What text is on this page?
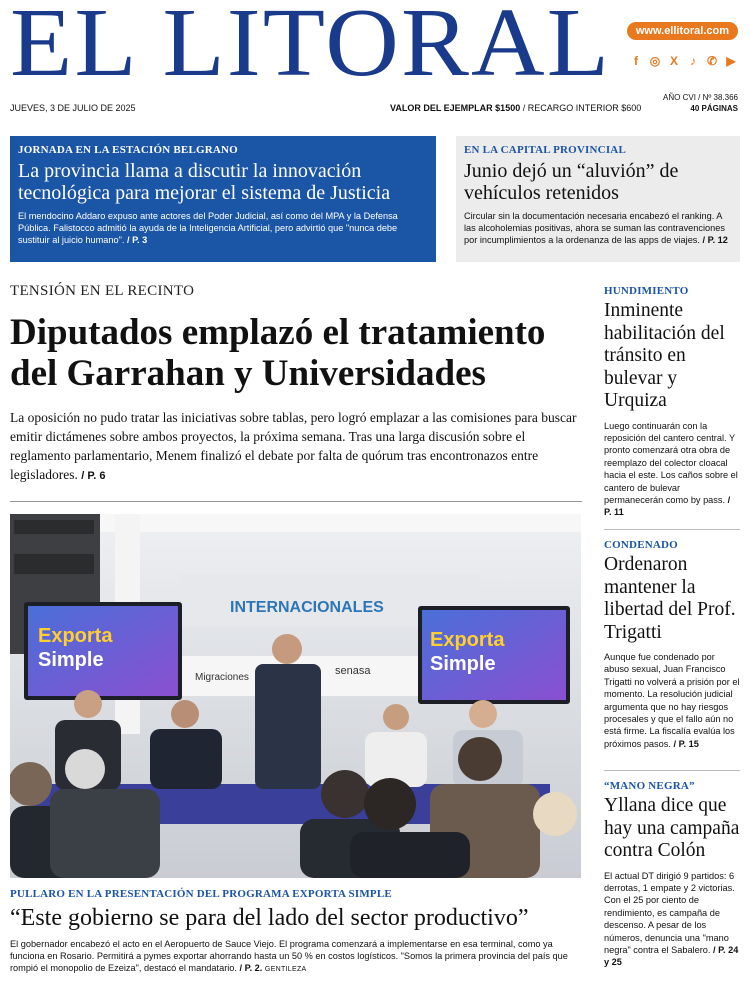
EL LITORAL	www.ellitoral.com
f ◎ X	♪ ✆ ▶
JUEVES, 3 DE JULIO DE 2025	VALOR DEL EJEMPLAR $1500 / RECARGO INTERIOR $600
AÑO CVI / Nº 38.366
40 PÁGINAS
JORNADA EN LA ESTACIÓN BELGRANO
La provincia llama a discutir la innovación tecnológica para mejorar el sistema de Justicia

El mendocino Addaro expuso ante actores del Poder Judicial, así como del MPA y la Defensa Pública. Falistocco admitió la ayuda de la Inteligencia Artificial, pero advirtió que "nunca debe sustituir al juicio humano". / P. 3

EN LA CAPITAL PROVINCIAL
Junio dejó un “aluvión” de vehículos retenidos

Circular sin la documentación necesaria encabezó el ranking. A las alcoholemias positivas, ahora se suman las contravenciones por incumplimientos a la ordenanza de las apps de viajes. / P. 12

TENSIÓN EN EL RECINTO
Diputados emplazó el tratamiento del Garrahan y Universidades

La oposición no pudo tratar las iniciativas sobre tablas, pero logró emplazar a las comisiones para buscar emitir dictámenes sobre ambos proyectos, la próxima semana. Tras una larga discusión sobre el reglamento parlamentario, Menem finalizó el debate por falta de quórum tras encontronazos entre legisladores. / P. 6

INTERNACIONALES
Migraciones
senasa
Exporta
Simple
Exporta
Simple
PULLARO EN LA PRESENTACIÓN DEL PROGRAMA EXPORTA SIMPLE
“Este gobierno se para del lado del sector productivo”

El gobernador encabezó el acto en el Aeropuerto de Sauce Viejo. El programa comenzará a implementarse en esa terminal, como ya funciona en Rosario. Permitirá a pymes exportar ahorrando hasta un 50 % en costos logísticos. "Somos la primera provincia del país que rompió el monopolio de Ezeiza", destacó el mandatario. / P. 2. GENTILEZA

HUNDIMIENTO
Inminente habilitación del tránsito en bulevar y Urquiza

Luego continuarán con la reposición del cantero central. Y pronto comenzará otra obra de reemplazo del colector cloacal hacia el este. Los caños sobre el cantero de bulevar permanecerán como by pass. / P. 11

CONDENADO
Ordenaron mantener la libertad del Prof. Trigatti

Aunque fue condenado por abuso sexual, Juan Francisco Trigatti no volverá a prisión por el momento. La resolución judicial argumenta que no hay riesgos procesales y que el fallo aún no está firme. La fiscalía evalúa los próximos pasos. / P. 15

“MANO NEGRA”
Yllana dice que hay una campaña contra Colón

El actual DT dirigió 9 partidos: 6 derrotas, 1 empate y 2 victorias. Con el 25 por ciento de rendimiento, es campaña de descenso. A pesar de los números, denuncia una "mano negra" contra el Sabalero. / P. 24 y 25
